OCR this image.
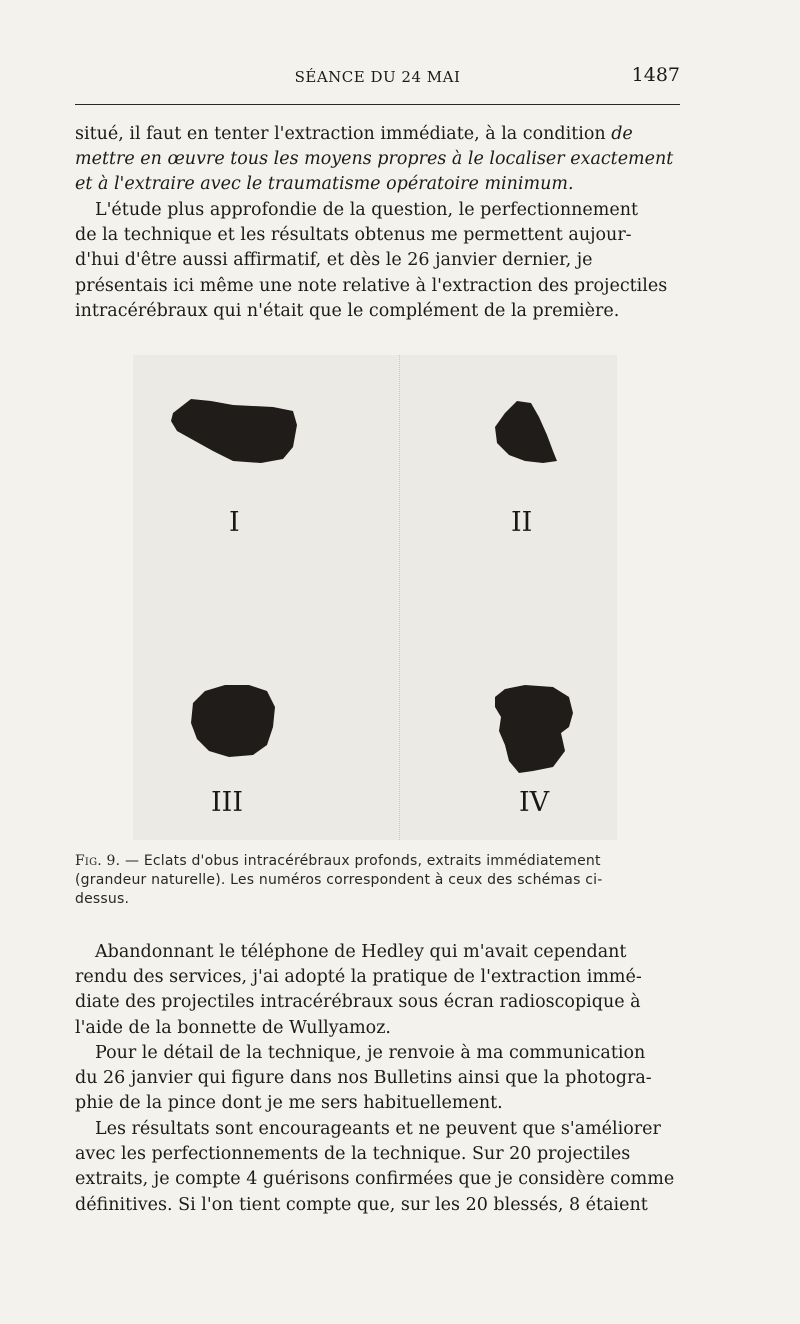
SÉANCE DU 24 MAI	1487
situé, il faut en tenter l'extraction immédiate, à la condition de
mettre en œuvre tous les moyens propres à le localiser exactement
et à l'extraire avec le traumatisme opératoire minimum.
L'étude plus approfondie de la question, le perfectionnement
de la technique et les résultats obtenus me permettent aujour-
d'hui d'être aussi affirmatif, et dès le 26 janvier dernier, je
présentais ici même une note relative à l'extraction des projectiles
intracérébraux qui n'était que le complément de la première.
I	II
III	IV
Fig. 9. — Eclats d'obus intracérébraux profonds, extraits immédiatement
(grandeur naturelle). Les numéros correspondent à ceux des schémas ci-
dessus.
Abandonnant le téléphone de Hedley qui m'avait cependant
rendu des services, j'ai adopté la pratique de l'extraction immé-
diate des projectiles intracérébraux sous écran radioscopique à
l'aide de la bonnette de Wullyamoz.
Pour le détail de la technique, je renvoie à ma communication
du 26 janvier qui figure dans nos Bulletins ainsi que la photogra-
phie de la pince dont je me sers habituellement.
Les résultats sont encourageants et ne peuvent que s'améliorer
avec les perfectionnements de la technique. Sur 20 projectiles
extraits, je compte 4 guérisons confirmées que je considère comme
définitives. Si l'on tient compte que, sur les 20 blessés, 8 étaient
